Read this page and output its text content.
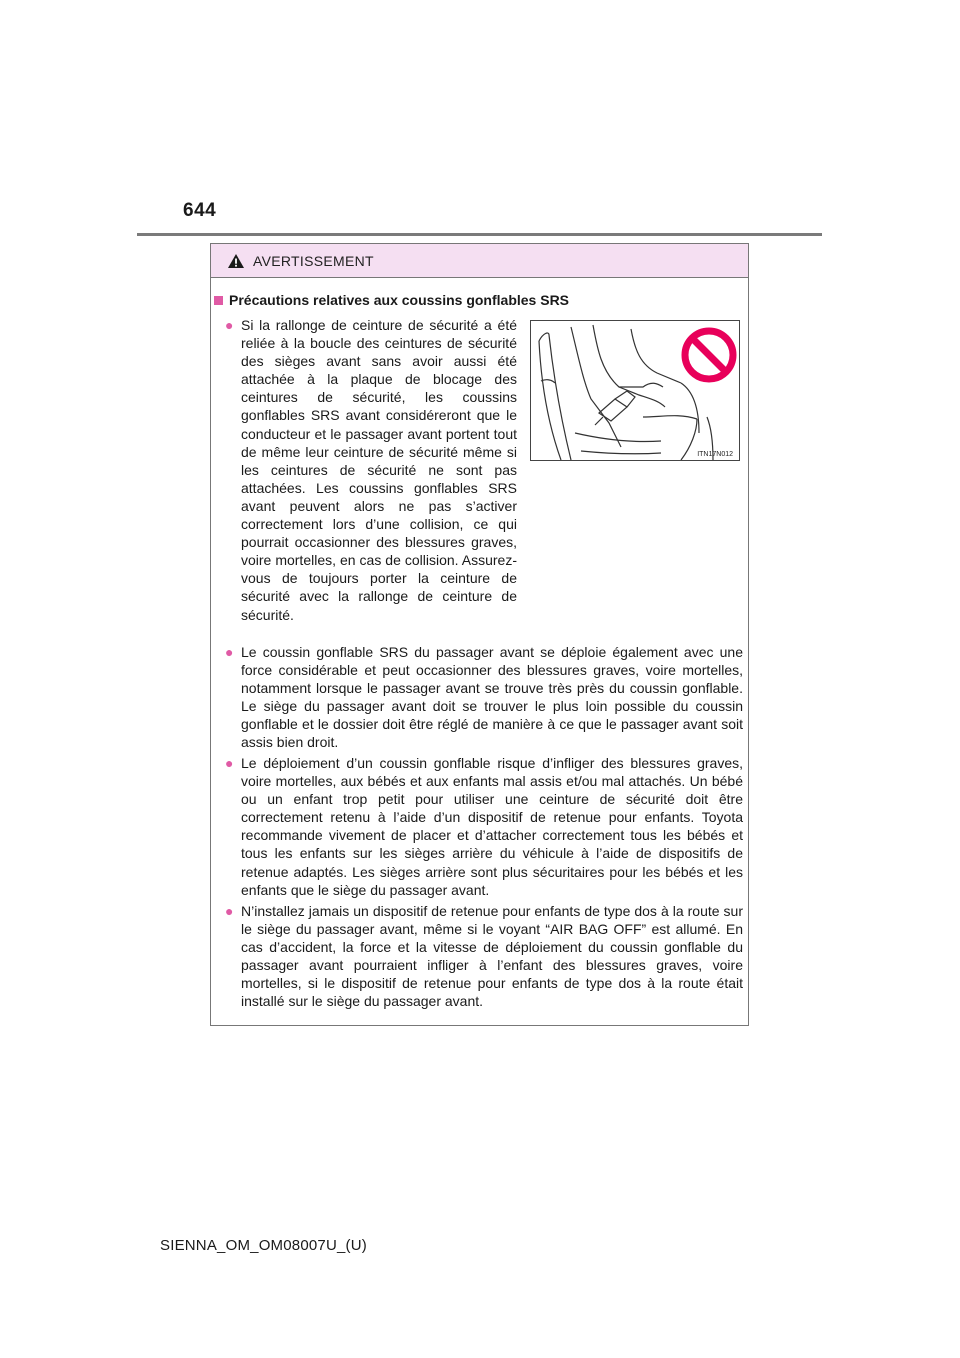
644
AVERTISSEMENT
Précautions relatives aux coussins gonflables SRS
● Si la rallonge de ceinture de sécurité a été reliée à la boucle des ceintures de sécurité des sièges avant sans avoir aussi été attachée à la plaque de blocage des ceintures de sécurité, les coussins gonflables SRS avant considéreront que le conducteur et le passager avant portent tout de même leur ceinture de sécurité même si les ceintures de sécurité ne sont pas attachées. Les coussins gonflables SRS avant peuvent alors ne pas s’activer correctement lors d’une collision, ce qui pourrait occasionner des blessures graves, voire mortelles, en cas de collision. Assurez-vous de toujours porter la ceinture de sécurité avec la rallonge de ceinture de sécurité.
ITN17N012
● Le coussin gonflable SRS du passager avant se déploie également avec une force considérable et peut occasionner des blessures graves, voire mortelles, notamment lorsque le passager avant se trouve très près du coussin gonflable. Le siège du passager avant doit se trouver le plus loin possible du coussin gonflable et le dossier doit être réglé de manière à ce que le passager avant soit assis bien droit.
● Le déploiement d’un coussin gonflable risque d’infliger des blessures graves, voire mortelles, aux bébés et aux enfants mal assis et/ou mal attachés. Un bébé ou un enfant trop petit pour utiliser une ceinture de sécurité doit être correctement retenu à l’aide d’un dispositif de retenue pour enfants. Toyota recommande vivement de placer et d’attacher correctement tous les bébés et tous les enfants sur les sièges arrière du véhicule à l’aide de dispositifs de retenue adaptés. Les sièges arrière sont plus sécuritaires pour les bébés et les enfants que le siège du passager avant.
● N’installez jamais un dispositif de retenue pour enfants de type dos à la route sur le siège du passager avant, même si le voyant “AIR BAG OFF” est allumé. En cas d’accident, la force et la vitesse de déploiement du coussin gonflable du passager avant pourraient infliger à l’enfant des blessures graves, voire mortelles, si le dispositif de retenue pour enfants de type dos à la route était installé sur le siège du passager avant.
SIENNA_OM_OM08007U_(U)
